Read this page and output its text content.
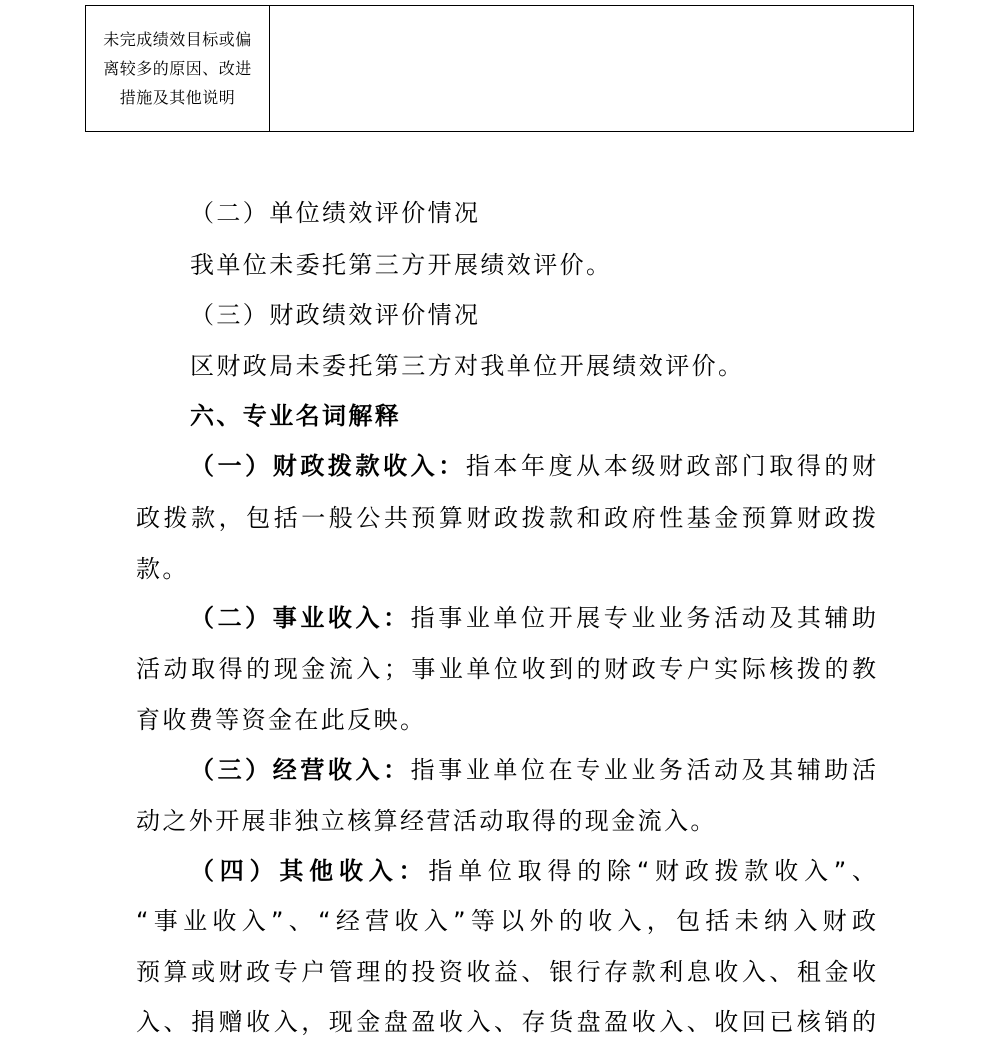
未完成绩效目标或偏
离较多的原因、改进
措施及其他说明
（二）单位绩效评价情况
我单位未委托第三方开展绩效评价。
（三）财政绩效评价情况
区财政局未委托第三方对我单位开展绩效评价。
六、专业名词解释
（一）财政拨款收入：指本年度从本级财政部门取得的财
政拨款，包括一般公共预算财政拨款和政府性基金预算财政拨
款。
（二）事业收入：指事业单位开展专业业务活动及其辅助
活动取得的现金流入；事业单位收到的财政专户实际核拨的教
育收费等资金在此反映。
（三）经营收入：指事业单位在专业业务活动及其辅助活
动之外开展非独立核算经营活动取得的现金流入。
（四）其他收入：指单位取得的除“财政拨款收入”、
“事业收入”、“经营收入”等以外的收入，包括未纳入财政
预算或财政专户管理的投资收益、银行存款利息收入、租金收
入、捐赠收入，现金盘盈收入、存货盘盈收入、收回已核销的
